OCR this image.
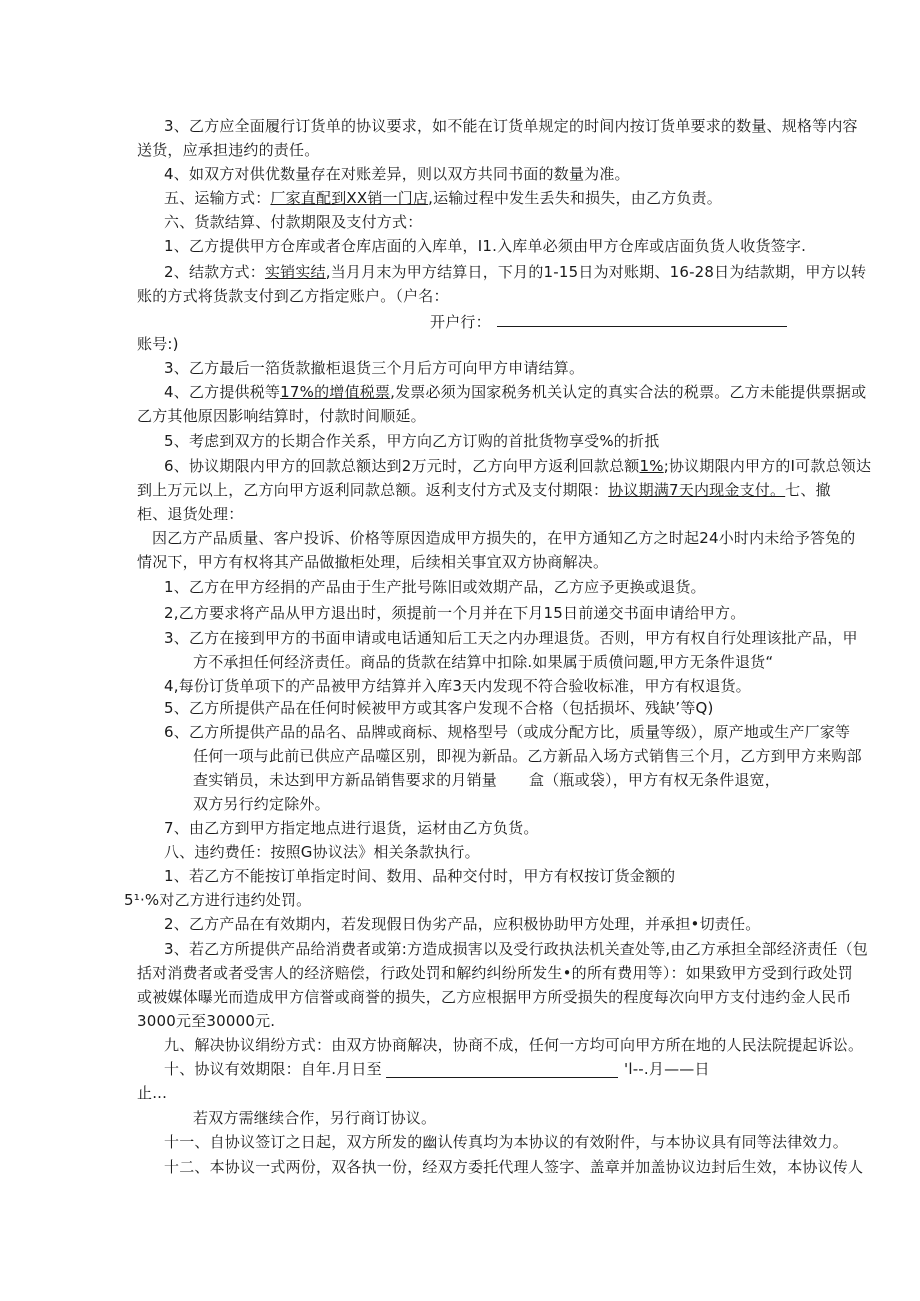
3、乙方应全面履行订货单的协议要求，如不能在订货单规定的时间内按订货单要求的数量、规格等内容
送货，应承担违约的责任。
4、如双方对供优数量存在对账差异，则以双方共同书面的数量为准。
五、运输方式：厂家直配到XX销一门店,运输过程中发生丢失和损失，由乙方负责。
六、货款结算、付款期限及支付方式：
1、乙方提供甲方仓库或者仓库店面的入库单，I1.入库单必须由甲方仓库或店面负货人收货签字.
2、结款方式：实销实结,当月月末为甲方结算日，下月的1-15日为对账期、16-28日为结款期，甲方以转
账的方式将货款支付到乙方指定账户。（户名：
开户行：
账号:)
3、乙方最后一箔货款撤柜退货三个月后方可向甲方申请结算。
4、乙方提供税等17%的增值税票,发票必须为国家税务机关认定的真实合法的税票。乙方未能提供票据或
乙方其他原因影响结算时，付款时间顺延。
5、考虑到双方的长期合作关系，甲方向乙方订购的首批货物享受%的折扺
6、协议期限内甲方的回款总额达到2万元时，乙方向甲方返利回款总额1%;协议期限内甲方的I可款总领达
到上万元以上，乙方向甲方返利同款总额。返利支付方式及支付期限：协议期满7天内现金支付。七、撤
柜、退货处理：
因乙方产品质量、客户投诉、价格等原因造成甲方损失的，在甲方通知乙方之时起24小时内未给予答兔的
情况下，甲方有权将其产品做撤柜处理，后续相关事宜双方协商解决。
1、乙方在甲方经捐的产品由于生产批号陈旧或效期产品，乙方应予更换或退货。
2,乙方要求将产品从甲方退出时，须提前一个月并在下月15日前递交书面申请给甲方。
3、乙方在接到甲方的书面申请或电话通知后工天之内办理退货。否则，甲方有权自行处理该批产品，甲
方不承担任何经济责任。商品的货款在结算中扣除.如果属于质偾问题,甲方无条件退货“
4,每份订货单项下的产品被甲方结算并入库3天内发现不符合验收标准，甲方有权退货。
5、乙方所提供产品在任何时候被甲方或其客户发现不合格（包括损坏、残缺’等Q)
6、乙方所提供产品的品名、品牌或商标、规格型号（或成分配方比，质量等级），原产地或生产厂家等
任何一项与此前已供应产品噬区别，即视为新品。乙方新品入场方式销售三个月，乙方到甲方来购部
查实销员，未达到甲方新品销售要求的月销量 盒（瓶或袋），甲方有权无条件退宽，
双方另行约定除外。
7、由乙方到甲方指定地点进行退货，运材由乙方负货。
八、违约费任：按照G协议法》相关条款执行。
1、若乙方不能按订单指定时间、数用、品种交付时，甲方有权按订货金额的
5¹·%对乙方进行违约处罚。
2、乙方产品在有效期内，若发现假日伪劣产品，应积极协助甲方处理，并承担•切责任。
3、若乙方所提供产品给消费者或第:方造成损害以及受行政执法机关查处等,由乙方承担全部经济责任（包
括对消费者或者受害人的经济赔偿，行政处罚和解约纠纷所发生•的所有费用等）：如果致甲方受到行政处罚
或被媒体曝光而造成甲方信誉或商誉的损失，乙方应根据甲方所受损失的程度每次向甲方支付违约金人民币
3000元至30000元.
九、解决协议绢纷方式：由双方协商解决，协商不成，任何一方均可向甲方所在地的人民法院提起诉讼。
十、协议有效期限：自年.月日至	'l--.月——日
止...
若双方需继续合作，另行商订协议。
十一、自协议签订之日起，双方所发的幽认传真均为本协议的有效附件，与本协议具有同等法律效力。
十二、本协议一式两份，双各执一份，经双方委托代理人签字、盖章并加盖协议边封后生效，本协议传人
